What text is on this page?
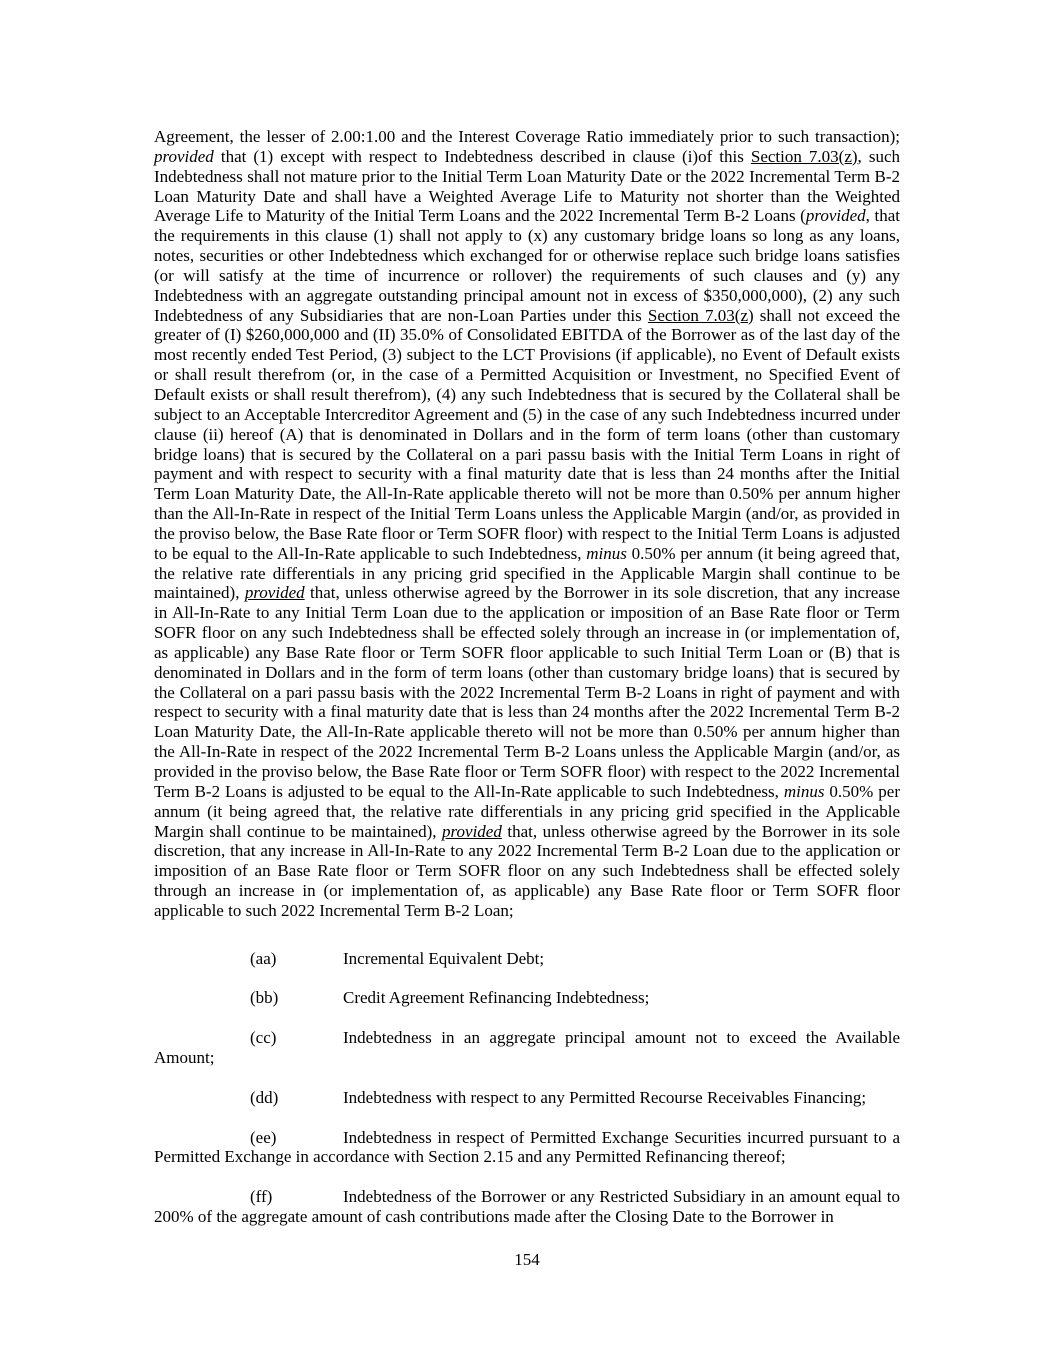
Agreement, the lesser of 2.00:1.00 and the Interest Coverage Ratio immediately prior to such transaction); provided that (1) except with respect to Indebtedness described in clause (i)of this Section 7.03(z), such Indebtedness shall not mature prior to the Initial Term Loan Maturity Date or the 2022 Incremental Term B-2 Loan Maturity Date and shall have a Weighted Average Life to Maturity not shorter than the Weighted Average Life to Maturity of the Initial Term Loans and the 2022 Incremental Term B-2 Loans (provided, that the requirements in this clause (1) shall not apply to (x) any customary bridge loans so long as any loans, notes, securities or other Indebtedness which exchanged for or otherwise replace such bridge loans satisfies (or will satisfy at the time of incurrence or rollover) the requirements of such clauses and (y) any Indebtedness with an aggregate outstanding principal amount not in excess of $350,000,000), (2) any such Indebtedness of any Subsidiaries that are non-Loan Parties under this Section 7.03(z) shall not exceed the greater of (I) $260,000,000 and (II) 35.0% of Consolidated EBITDA of the Borrower as of the last day of the most recently ended Test Period, (3) subject to the LCT Provisions (if applicable), no Event of Default exists or shall result therefrom (or, in the case of a Permitted Acquisition or Investment, no Specified Event of Default exists or shall result therefrom), (4) any such Indebtedness that is secured by the Collateral shall be subject to an Acceptable Intercreditor Agreement and (5) in the case of any such Indebtedness incurred under clause (ii) hereof (A) that is denominated in Dollars and in the form of term loans (other than customary bridge loans) that is secured by the Collateral on a pari passu basis with the Initial Term Loans in right of payment and with respect to security with a final maturity date that is less than 24 months after the Initial Term Loan Maturity Date, the All-In-Rate applicable thereto will not be more than 0.50% per annum higher than the All-In-Rate in respect of the Initial Term Loans unless the Applicable Margin (and/or, as provided in the proviso below, the Base Rate floor or Term SOFR floor) with respect to the Initial Term Loans is adjusted to be equal to the All-In-Rate applicable to such Indebtedness, minus 0.50% per annum (it being agreed that, the relative rate differentials in any pricing grid specified in the Applicable Margin shall continue to be maintained), provided that, unless otherwise agreed by the Borrower in its sole discretion, that any increase in All-In-Rate to any Initial Term Loan due to the application or imposition of an Base Rate floor or Term SOFR floor on any such Indebtedness shall be effected solely through an increase in (or implementation of, as applicable) any Base Rate floor or Term SOFR floor applicable to such Initial Term Loan or (B) that is denominated in Dollars and in the form of term loans (other than customary bridge loans) that is secured by the Collateral on a pari passu basis with the 2022 Incremental Term B-2 Loans in right of payment and with respect to security with a final maturity date that is less than 24 months after the 2022 Incremental Term B-2 Loan Maturity Date, the All-In-Rate applicable thereto will not be more than 0.50% per annum higher than the All-In-Rate in respect of the 2022 Incremental Term B-2 Loans unless the Applicable Margin (and/or, as provided in the proviso below, the Base Rate floor or Term SOFR floor) with respect to the 2022 Incremental Term B-2 Loans is adjusted to be equal to the All-In-Rate applicable to such Indebtedness, minus 0.50% per annum (it being agreed that, the relative rate differentials in any pricing grid specified in the Applicable Margin shall continue to be maintained), provided that, unless otherwise agreed by the Borrower in its sole discretion, that any increase in All-In-Rate to any 2022 Incremental Term B-2 Loan due to the application or imposition of an Base Rate floor or Term SOFR floor on any such Indebtedness shall be effected solely through an increase in (or implementation of, as applicable) any Base Rate floor or Term SOFR floor applicable to such 2022 Incremental Term B-2 Loan;

(aa)	Incremental Equivalent Debt;

(bb)	Credit Agreement Refinancing Indebtedness;

(cc)	Indebtedness in an aggregate principal amount not to exceed the Available Amount;

(dd)	Indebtedness with respect to any Permitted Recourse Receivables Financing;

(ee)	Indebtedness in respect of Permitted Exchange Securities incurred pursuant to a Permitted Exchange in accordance with Section 2.15 and any Permitted Refinancing thereof;

(ff)	Indebtedness of the Borrower or any Restricted Subsidiary in an amount equal to 200% of the aggregate amount of cash contributions made after the Closing Date to the Borrower in

154
